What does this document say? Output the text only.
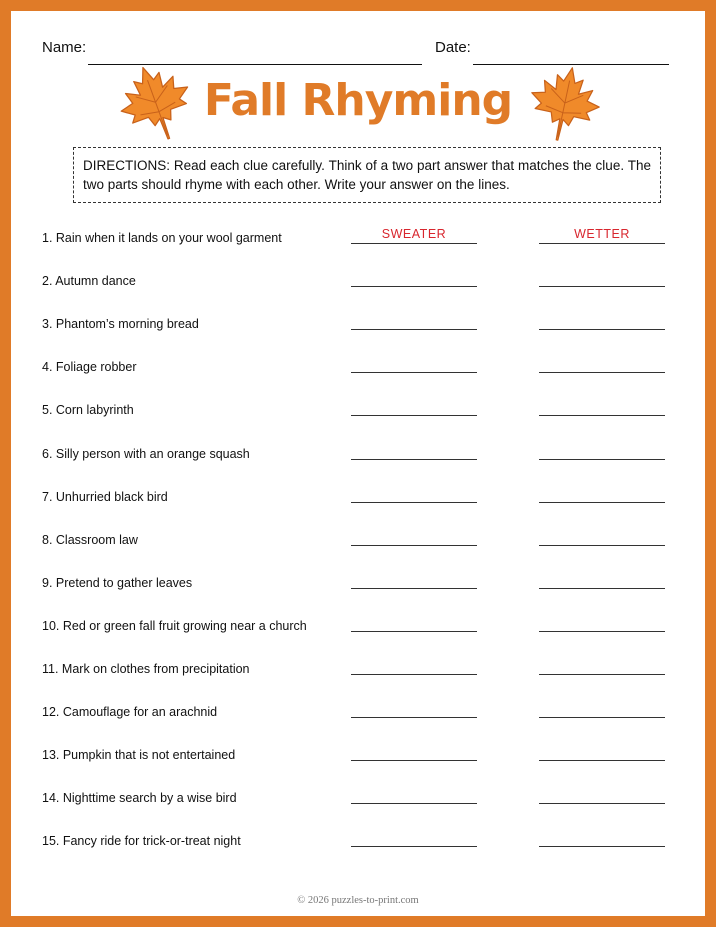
Name:	Date:
Fall Rhyming
DIRECTIONS: Read each clue carefully. Think of a two part answer that matches the clue. The two parts should rhyme with each other. Write your answer on the lines.
1. Rain when it lands on your wool garment	SWEATER	WETTER
2. Autumn dance
3. Phantom’s morning bread
4. Foliage robber
5. Corn labyrinth
6. Silly person with an orange squash
7. Unhurried black bird
8. Classroom law
9. Pretend to gather leaves
10. Red or green fall fruit growing near a church
11. Mark on clothes from precipitation
12. Camouflage for an arachnid
13. Pumpkin that is not entertained
14. Nighttime search by a wise bird
15. Fancy ride for trick-or-treat night
© 2026 puzzles-to-print.com
